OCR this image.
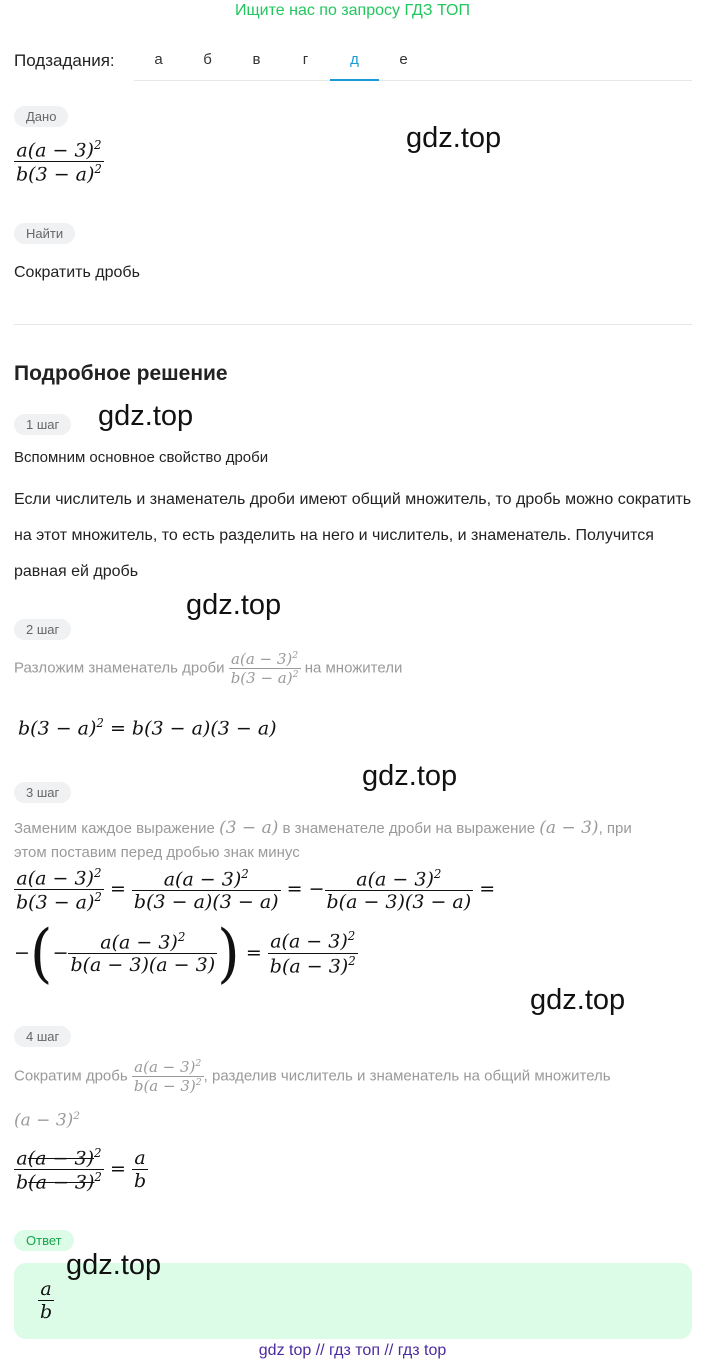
Ищите нас по запросу ГДЗ ТОП
Подзадания:	а	б	в	г	д	е
Дано
$\frac{a(a - 3)^2}{b(3 - a)^2}$	gdz.top
Найти
Сократить дробь
Подробное решение
1 шаг	gdz.top
Вспомним основное свойство дроби
Если числитель и знаменатель дроби имеют общий множитель, то дробь можно сократить на этот множитель, то есть разделить на него и числитель, и знаменатель. Получится равная ей дробь
gdz.top
2 шаг
Разложим знаменатель дроби $\frac{a(a - 3)^2}{b(3 - a)^2}$ на множители
$b(3 - a)^2 = b(3 - a)(3 - a)$
gdz.top
3 шаг
Заменим каждое выражение (3 − a) в знаменателе дроби на выражение (a − 3), при
этом поставим перед дробью знак минус
$\frac{a(a - 3)^2}{b(3 - a)^2} = \frac{a(a - 3)^2}{b(3 - a)(3 - a)}$ = − $\frac{a(a - 3)^2}{b(a - 3)(3 - a)}$ =
−(− $\frac{a(a - 3)^2}{b(a - 3)(a - 3)}$ ) = $\frac{a(a - 3)^2}{b(a - 3)^2}$
gdz.top
4 шаг
Сократим дробь $\frac{a(a - 3)^2}{b(a - 3)^2}$ , разделив числитель и знаменатель на общий множитель
$(a - 3)^2$
$\frac{a(a - 3)^2}{b(a - 3)^2} = \frac{a}{b}$
Ответ
gdz.top
$\frac{a}{b}$
gdz top // гдз топ // гдз top
